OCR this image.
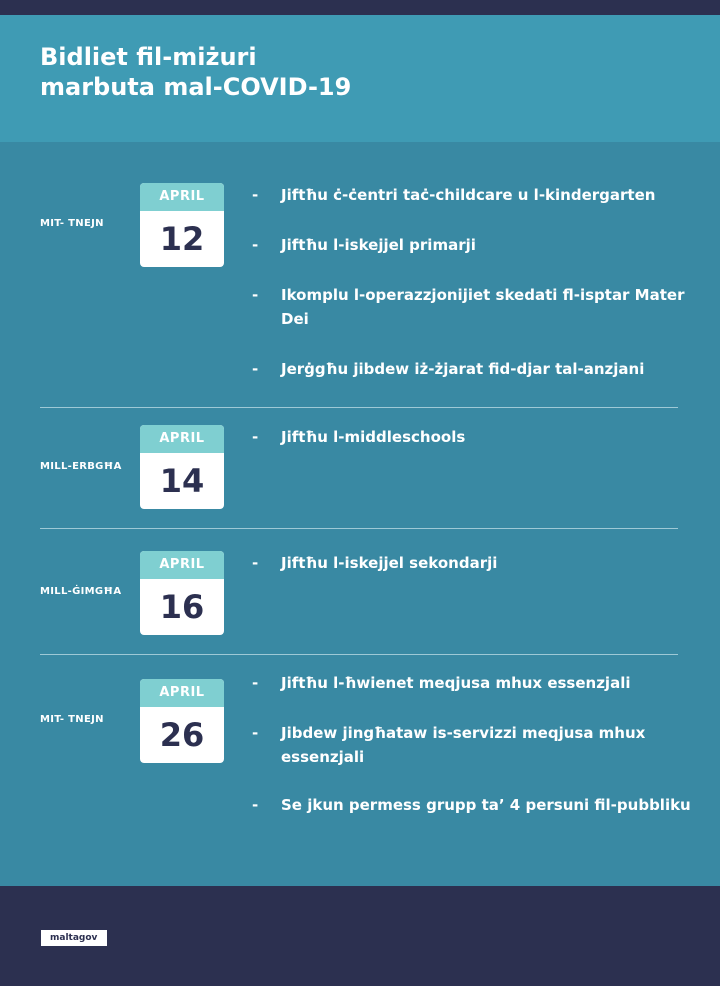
Bidliet fil-miżuri
marbuta mal-COVID-19
MIT- TNEJN
APRIL
12
- Jiftħu ċ-ċentri taċ-childcare u l-kindergarten
- Jiftħu l-iskejjel primarji
- Ikomplu l-operazzjonijiet skedati fl-isptar Mater Dei
- Jerġgħu jibdew iż-żjarat fid-djar tal-anzjani
MILL-ERBGĦA
APRIL
14
- Jiftħu l-middleschools
MILL-ĠIMGĦA
APRIL
16
- Jiftħu l-iskejjel sekondarji
MIT- TNEJN
APRIL
26
- Jiftħu l-ħwienet meqjusa mhux essenzjali
- Jibdew jingħataw is-servizzi meqjusa mhux essenzjali
- Se jkun permess grupp ta’ 4 persuni fil-pubbliku
maltagov
